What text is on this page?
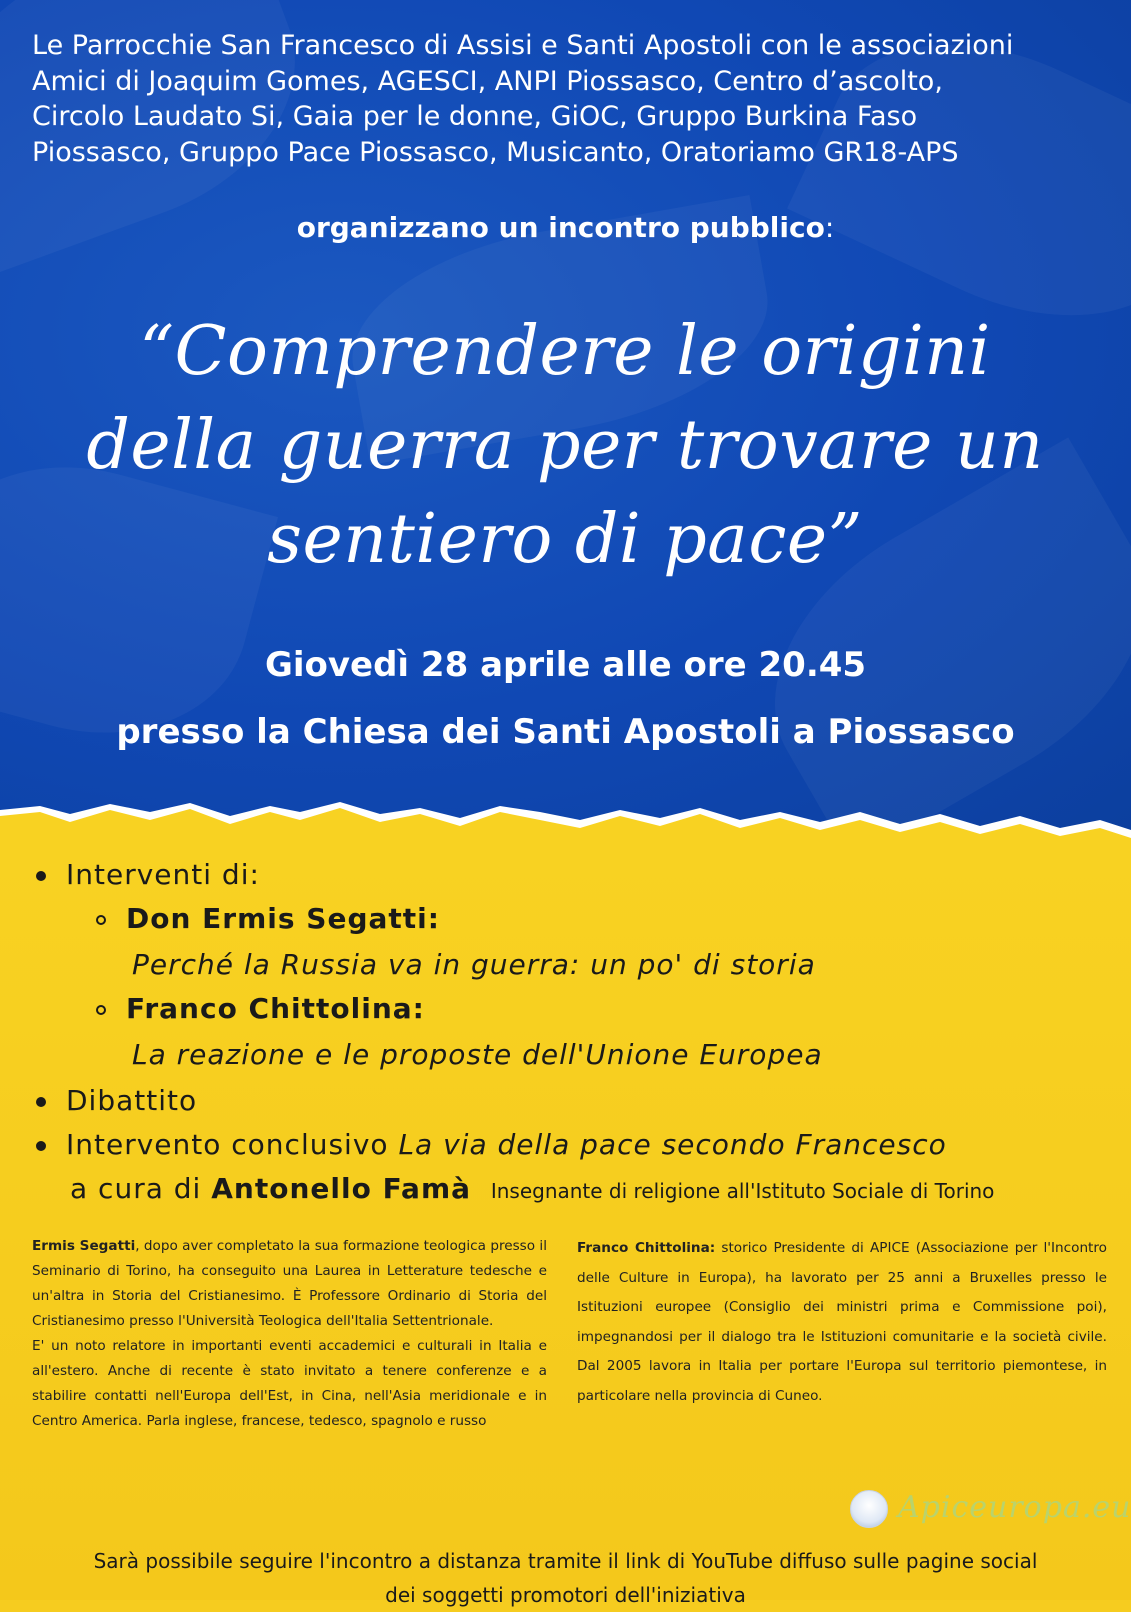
Le Parrocchie San Francesco di Assisi e Santi Apostoli con le associazioni
Amici di Joaquim Gomes, AGESCI, ANPI Piossasco, Centro d’ascolto,
Circolo Laudato Si, Gaia per le donne, GiOC, Gruppo Burkina Faso
Piossasco, Gruppo Pace Piossasco, Musicanto, Oratoriamo GR18-APS
organizzano un incontro pubblico:
“Comprendere le origini
della guerra per trovare un
sentiero di pace”
Giovedì 28 aprile alle ore 20.45
presso la Chiesa dei Santi Apostoli a Piossasco
Interventi di:
Don Ermis Segatti:
Perché la Russia va in guerra: un po' di storia
Franco Chittolina:
La reazione e le proposte dell'Unione Europea
Dibattito
Intervento conclusivo La via della pace secondo Francesco
a cura di Antonello Famà Insegnante di religione all'Istituto Sociale di Torino
Ermis Segatti, dopo aver completato la sua formazione teologica presso il Seminario di Torino, ha conseguito una Laurea in Letterature tedesche e un'altra in Storia del Cristianesimo. È Professore Ordinario di Storia del Cristianesimo presso l'Università Teologica dell'Italia Settentrionale.
E' un noto relatore in importanti eventi accademici e culturali in Italia e all'estero. Anche di recente è stato invitato a tenere conferenze e a stabilire contatti nell'Europa dell'Est, in Cina, nell'Asia meridionale e in Centro America. Parla inglese, francese, tedesco, spagnolo e russo
Franco Chittolina: storico Presidente di APICE (Associazione per l'Incontro delle Culture in Europa), ha lavorato per 25 anni a Bruxelles presso le Istituzioni europee (Consiglio dei ministri prima e Commissione poi), impegnandosi per il dialogo tra le Istituzioni comunitarie e la società civile. Dal 2005 lavora in Italia per portare l'Europa sul territorio piemontese, in particolare nella provincia di Cuneo.
Apiceuropa.eu
Sarà possibile seguire l'incontro a distanza tramite il link di YouTube diffuso sulle pagine social
dei soggetti promotori dell'iniziativa
